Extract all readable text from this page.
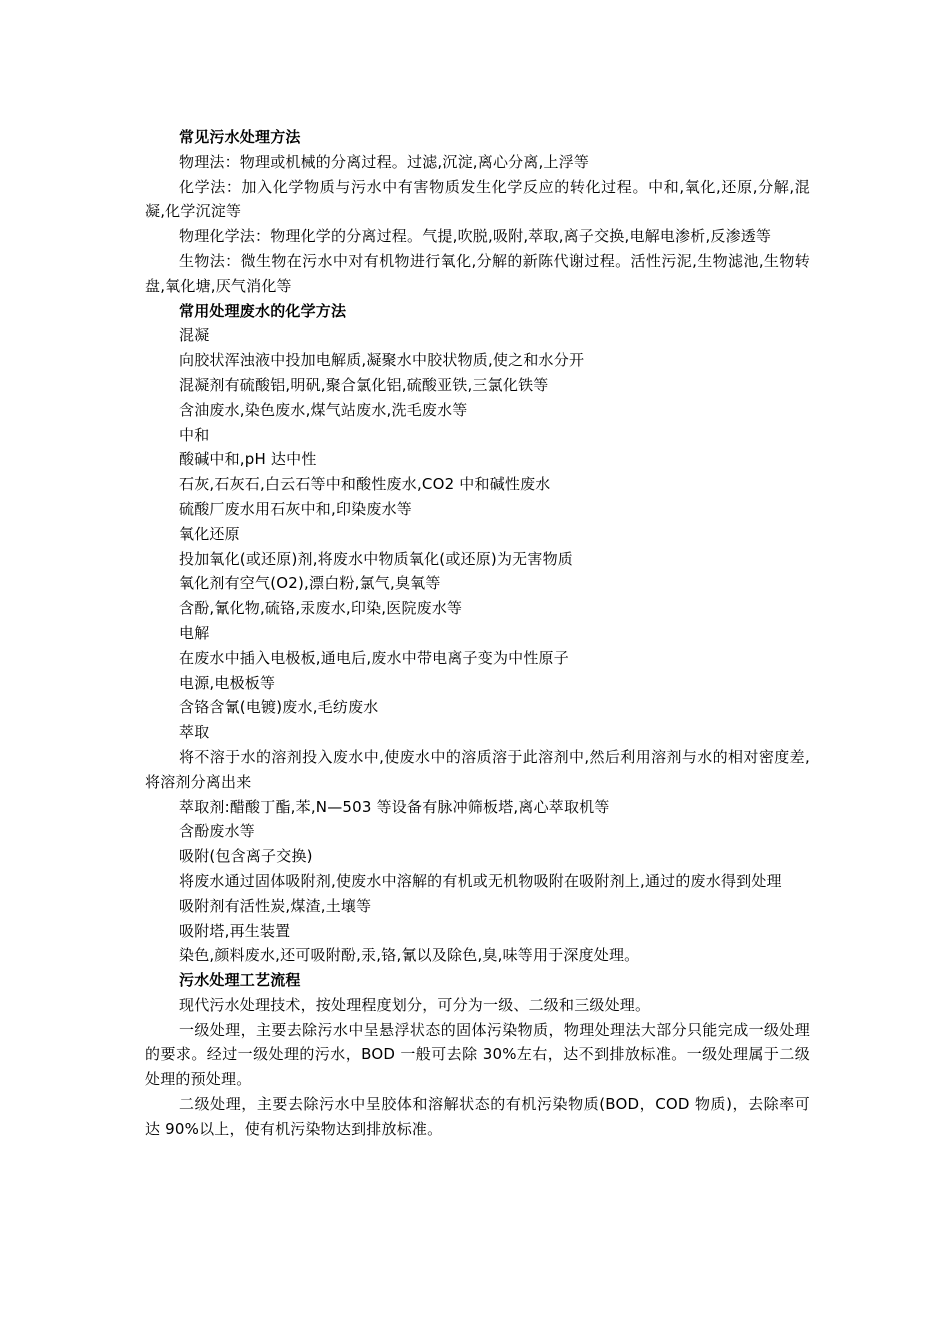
常见污水处理方法

物理法：物理或机械的分离过程。过滤,沉淀,离心分离,上浮等

化学法：加入化学物质与污水中有害物质发生化学反应的转化过程。中和,氧化,还原,分解,混凝,化学沉淀等

物理化学法：物理化学的分离过程。气提,吹脱,吸附,萃取,离子交换,电解电渗析,反渗透等

生物法：微生物在污水中对有机物进行氧化,分解的新陈代谢过程。活性污泥,生物滤池,生物转盘,氧化塘,厌气消化等

常用处理废水的化学方法

混凝

向胶状浑浊液中投加电解质,凝聚水中胶状物质,使之和水分开

混凝剂有硫酸铝,明矾,聚合氯化铝,硫酸亚铁,三氯化铁等

含油废水,染色废水,煤气站废水,洗毛废水等

中和

酸碱中和,pH 达中性

石灰,石灰石,白云石等中和酸性废水,CO2 中和碱性废水

硫酸厂废水用石灰中和,印染废水等

氧化还原

投加氧化(或还原)剂,将废水中物质氧化(或还原)为无害物质

氧化剂有空气(O2),漂白粉,氯气,臭氧等

含酚,氰化物,硫铬,汞废水,印染,医院废水等

电解

在废水中插入电极板,通电后,废水中带电离子变为中性原子

电源,电极板等

含铬含氰(电镀)废水,毛纺废水

萃取

将不溶于水的溶剂投入废水中,使废水中的溶质溶于此溶剂中,然后利用溶剂与水的相对密度差,将溶剂分离出来

萃取剂:醋酸丁酯,苯,N—503 等设备有脉冲筛板塔,离心萃取机等

含酚废水等

吸附(包含离子交换)

将废水通过固体吸附剂,使废水中溶解的有机或无机物吸附在吸附剂上,通过的废水得到处理

吸附剂有活性炭,煤渣,土壤等

吸附塔,再生装置

染色,颜料废水,还可吸附酚,汞,铬,氰以及除色,臭,味等用于深度处理。

污水处理工艺流程

现代污水处理技术，按处理程度划分，可分为一级、二级和三级处理。

一级处理，主要去除污水中呈悬浮状态的固体污染物质，物理处理法大部分只能完成一级处理的要求。经过一级处理的污水，BOD 一般可去除 30%左右，达不到排放标准。一级处理属于二级处理的预处理。

二级处理，主要去除污水中呈胶体和溶解状态的有机污染物质(BOD，COD 物质)，去除率可达 90%以上，使有机污染物达到排放标准。
